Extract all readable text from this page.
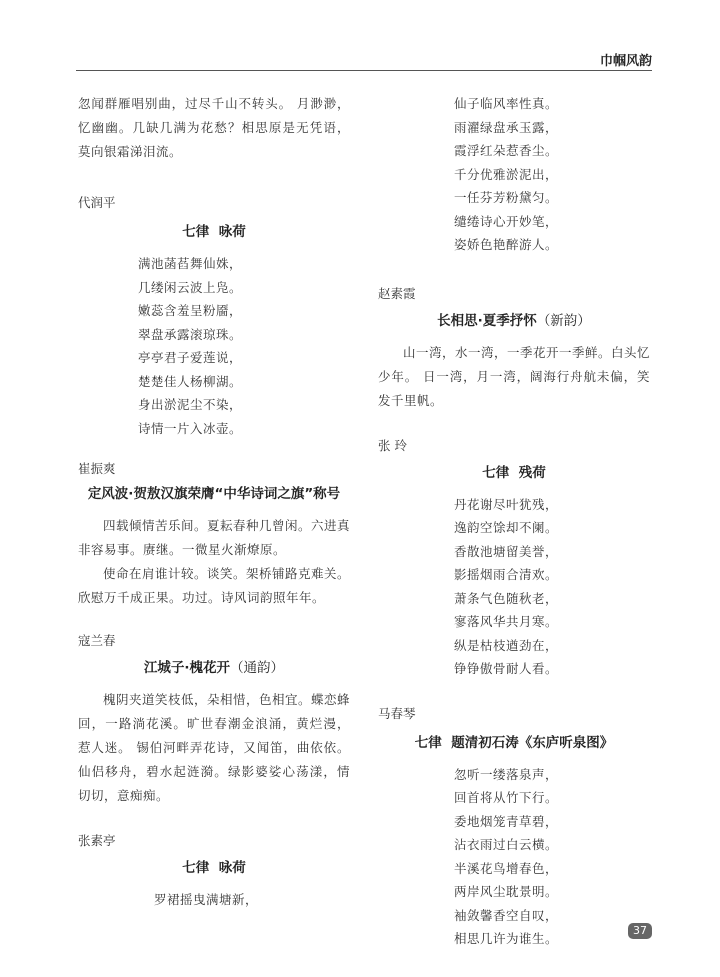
巾帼风韵

忽闻群雁唱别曲，过尽千山不转头。 月渺渺，忆幽幽。几缺几满为花愁？相思原是无凭语，莫向银霜涕泪流。

代润平

七律  咏荷

满池菡萏舞仙姝，
几缕闲云波上凫。
嫩蕊含羞呈粉靥，
翠盘承露滚琼珠。
亭亭君子爱莲说，
楚楚佳人杨柳湖。
身出淤泥尘不染，
诗情一片入冰壶。

崔振爽

定风波·贺敖汉旗荣膺“中华诗词之旗”称号

四载倾情苦乐间。夏耘春种几曾闲。六进真非容易事。赓继。一微星火渐燎原。

使命在肩谁计较。谈笑。架桥铺路克难关。欣慰万千成正果。功过。诗风词韵照年年。

寇兰春

江城子·槐花开（通韵）

槐阴夹道笑枝低，朵相惜，色相宜。蝶恋蜂回，一路淌花溪。旷世春潮金浪涌，黄烂漫，惹人迷。 锡伯河畔弄花诗，又闻笛，曲依依。仙侣移舟，碧水起涟漪。绿影婆娑心荡漾，情切切，意痴痴。

张素亭

七律  咏荷

罗裙摇曳满塘新，
仙子临风率性真。
雨濯绿盘承玉露，
霞浮红朵惹香尘。
千分优雅淤泥出，
一任芬芳粉黛匀。
缱绻诗心开妙笔，
姿娇色艳醉游人。

赵素霞

长相思·夏季抒怀（新韵）

山一湾，水一湾，一季花开一季鲜。白头忆少年。 日一湾，月一湾，阔海行舟航未偏，笑发千里帆。

张 玲

七律  残荷

丹花谢尽叶犹残，
逸韵空馀却不阑。
香散池塘留美誉，
影摇烟雨合清欢。
萧条气色随秋老，
寥落风华共月寒。
纵是枯枝遒劲在，
铮铮傲骨耐人看。

马春琴

七律  题清初石涛《东庐听泉图》

忽听一缕落泉声，
回首将从竹下行。
委地烟笼青草碧，
沾衣雨过白云横。
半溪花鸟增春色，
两岸风尘耽景明。
袖敛馨香空自叹，
相思几许为谁生。
37
